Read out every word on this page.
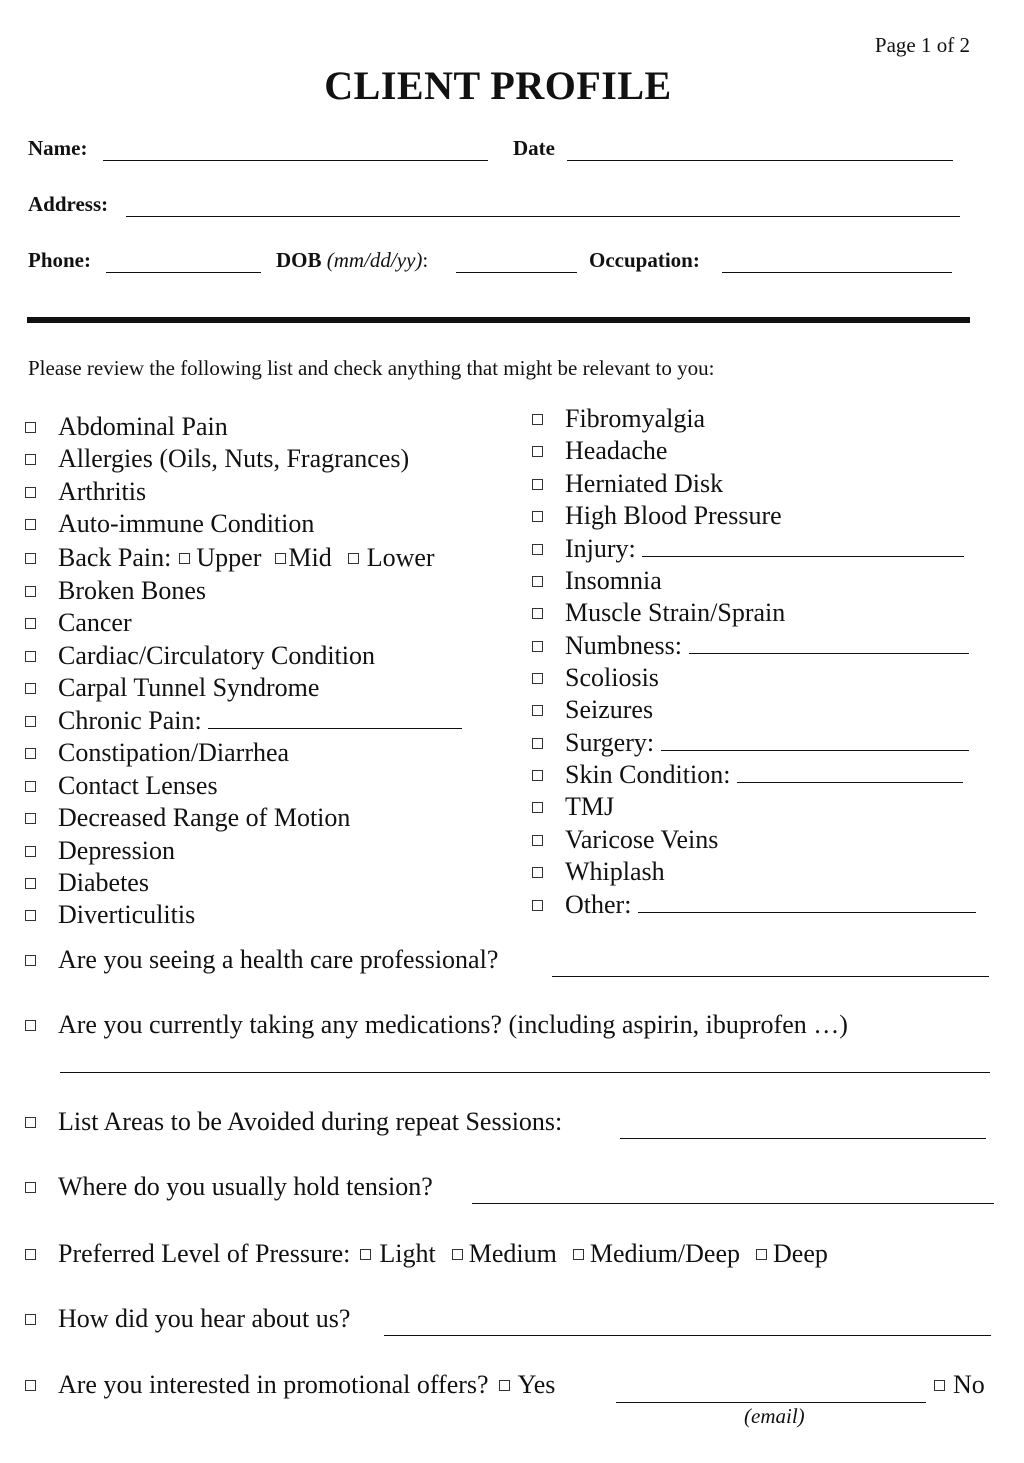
Page 1 of 2
CLIENT PROFILE
Name:	Date
Address:
Phone:	DOB (mm/dd/yy):	Occupation:
Please review the following list and check anything that might be relevant to you:
Abdominal Pain
Allergies (Oils, Nuts, Fragrances)
Arthritis
Auto-immune Condition
Back Pain: Upper Mid Lower
Broken Bones
Cancer
Cardiac/Circulatory Condition
Carpal Tunnel Syndrome
Chronic Pain:
Constipation/Diarrhea
Contact Lenses
Decreased Range of Motion
Depression
Diabetes
Diverticulitis
Fibromyalgia
Headache
Herniated Disk
High Blood Pressure
Injury:
Insomnia
Muscle Strain/Sprain
Numbness:
Scoliosis
Seizures
Surgery:
Skin Condition:
TMJ
Varicose Veins
Whiplash
Other:
Are you seeing a health care professional?
Are you currently taking any medications? (including aspirin, ibuprofen …)
List Areas to be Avoided during repeat Sessions:
Where do you usually hold tension?
Preferred Level of Pressure: Light Medium Medium/Deep Deep
How did you hear about us?
Are you interested in promotional offers? Yes	No
(email)
